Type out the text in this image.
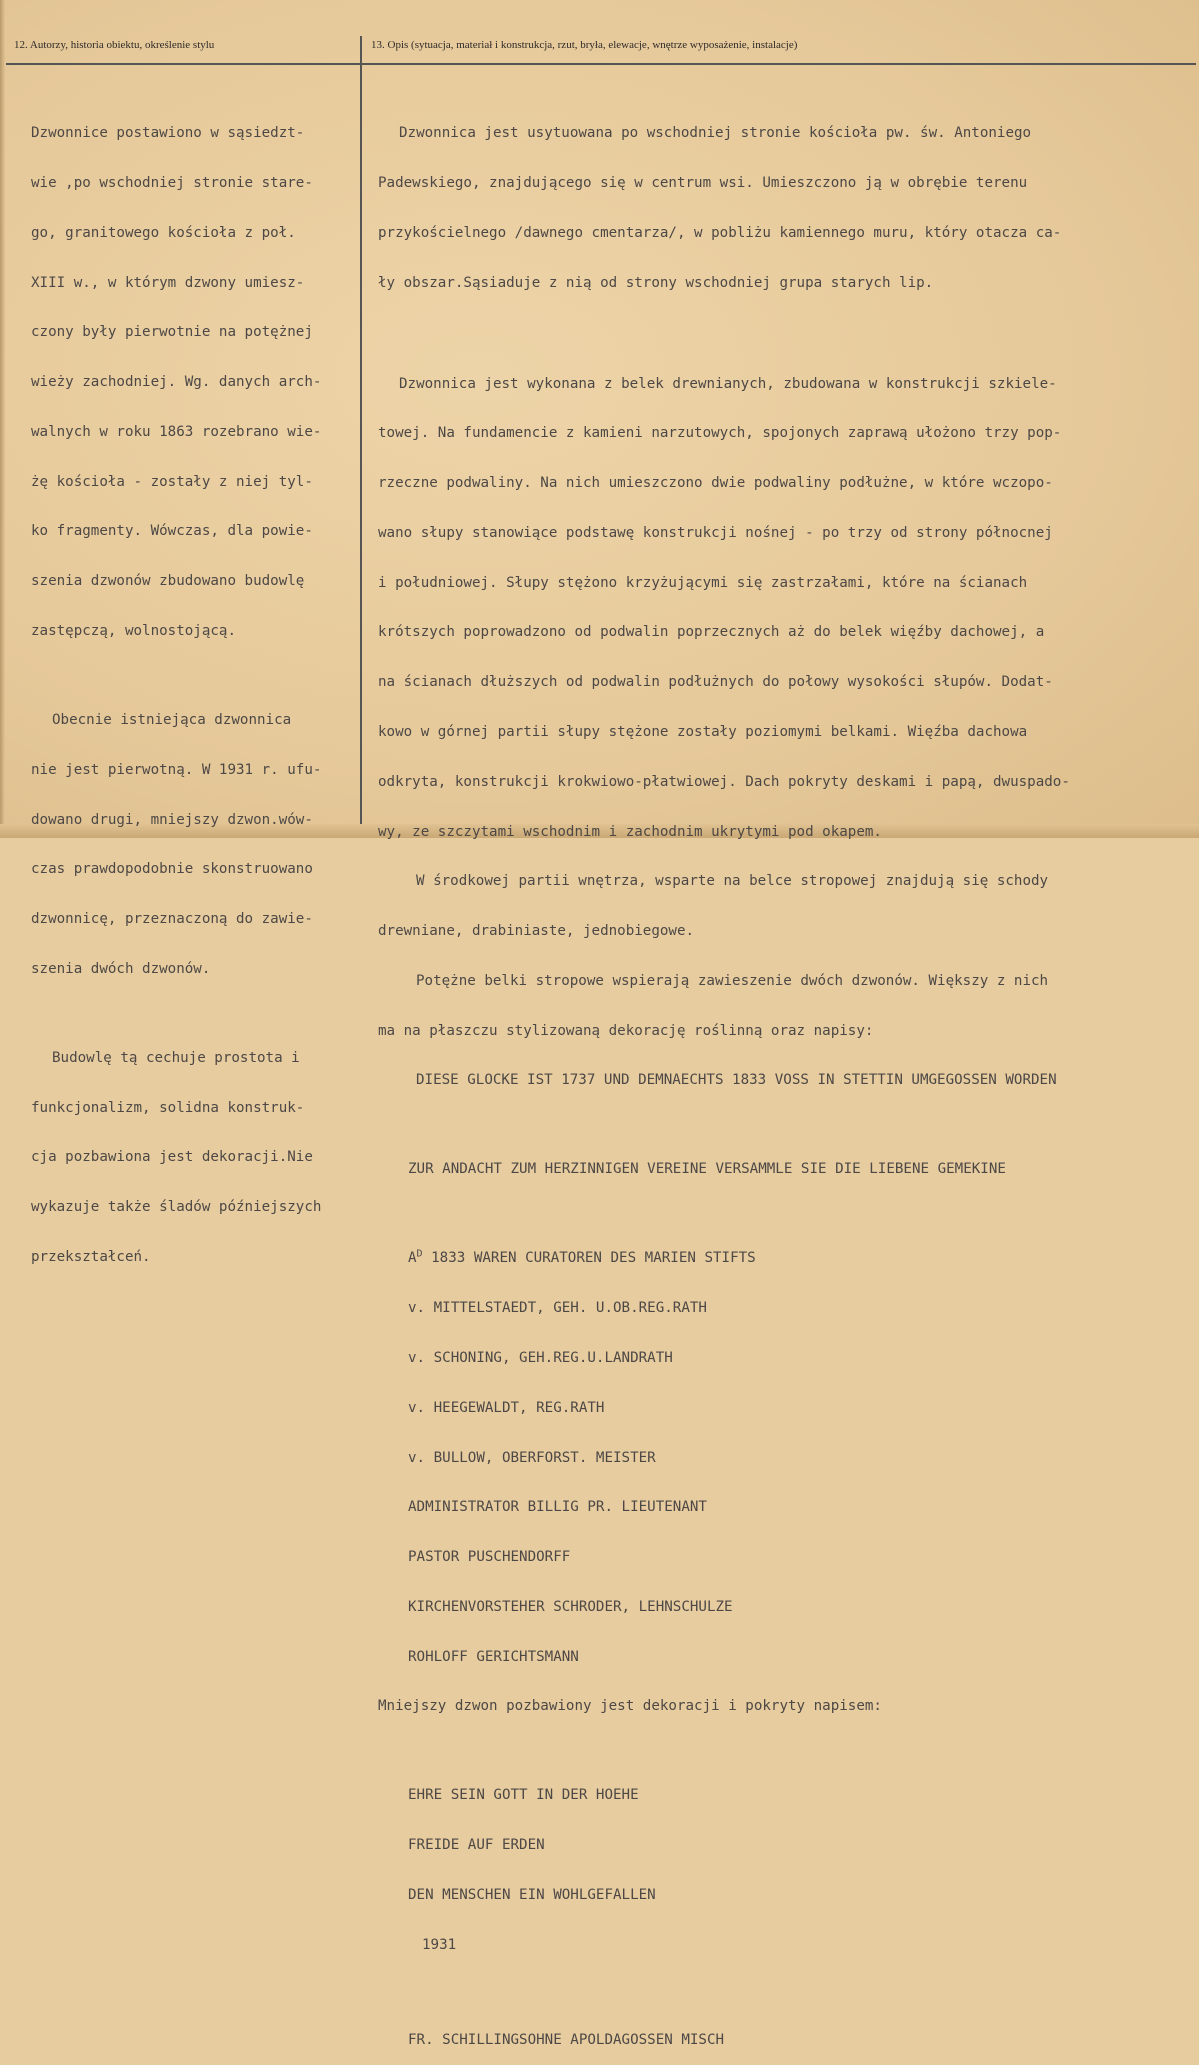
12. Autorzy, historia obiektu, określenie stylu	13. Opis (sytuacja, materiał i konstrukcja, rzut, bryła, elewacje, wnętrze wyposażenie, instalacje)

Dzwonnice postawiono w sąsiedzt-

wie ,po wschodniej stronie stare-

go, granitowego kościoła z poł.

XIII w., w którym dzwony umiesz-

czony były pierwotnie na potężnej

wieży zachodniej. Wg. danych arch-

walnych w roku 1863 rozebrano wie-

żę kościoła - zostały z niej tyl-

ko fragmenty. Wówczas, dla powie-

szenia dzwonów zbudowano budowlę

zastępczą, wolnostojącą.

Obecnie istniejąca dzwonnica

nie jest pierwotną. W 1931 r. ufu-

dowano drugi, mniejszy dzwon.wów-

czas prawdopodobnie skonstruowano

dzwonnicę, przeznaczoną do zawie-

szenia dwóch dzwonów.

Budowlę tą cechuje prostota i

funkcjonalizm, solidna konstruk-

cja pozbawiona jest dekoracji.Nie

wykazuje także śladów późniejszych

przekształceń.

Dzwonnica jest usytuowana po wschodniej stronie kościoła pw. św. Antoniego

Padewskiego, znajdującego się w centrum wsi. Umieszczono ją w obrębie terenu

przykościelnego /dawnego cmentarza/, w pobliżu kamiennego muru, który otacza ca-

ły obszar.Sąsiaduje z nią od strony wschodniej grupa starych lip.

Dzwonnica jest wykonana z belek drewnianych, zbudowana w konstrukcji szkiele-

towej. Na fundamencie z kamieni narzutowych, spojonych zaprawą ułożono trzy pop-

rzeczne podwaliny. Na nich umieszczono dwie podwaliny podłużne, w które wczopo-

wano słupy stanowiące podstawę konstrukcji nośnej - po trzy od strony północnej

i południowej. Słupy stężono krzyżującymi się zastrzałami, które na ścianach

krótszych poprowadzono od podwalin poprzecznych aż do belek więźby dachowej, a

na ścianach dłuższych od podwalin podłużnych do połowy wysokości słupów. Dodat-

kowo w górnej partii słupy stężone zostały poziomymi belkami. Więźba dachowa

odkryta, konstrukcji krokwiowo-płatwiowej. Dach pokryty deskami i papą, dwuspado-

wy, ze szczytami wschodnim i zachodnim ukrytymi pod okapem.

W środkowej partii wnętrza, wsparte na belce stropowej znajdują się schody

drewniane, drabiniaste, jednobiegowe.

Potężne belki stropowe wspierają zawieszenie dwóch dzwonów. Większy z nich

ma na płaszczu stylizowaną dekorację roślinną oraz napisy:

DIESE GLOCKE IST 1737 UND DEMNAECHTS 1833 VOSS IN STETTIN UMGEGOSSEN WORDEN

ZUR ANDACHT ZUM HERZINNIGEN VEREINE VERSAMMLE SIE DIE LIEBENE GEMEKINE

$A^D$ 1833 WAREN CURATOREN DES MARIEN STIFTS

v. MITTELSTAEDT, GEH. U.OB.REG.RATH

v. SCHONING, GEH.REG.U.LANDRATH

v. HEEGEWALDT, REG.RATH

v. BULLOW, OBERFORST. MEISTER

ADMINISTRATOR BILLIG PR. LIEUTENANT

PASTOR PUSCHENDORFF

KIRCHENVORSTEHER SCHRODER, LEHNSCHULZE

ROHLOFF GERICHTSMANN

Mniejszy dzwon pozbawiony jest dekoracji i pokryty napisem:

EHRE SEIN GOTT IN DER HOEHE

FREIDE AUF ERDEN

DEN MENSCHEN EIN WOHLGEFALLEN

1931

FR. SCHILLINGSOHNE APOLDAGOSSEN MISCH
